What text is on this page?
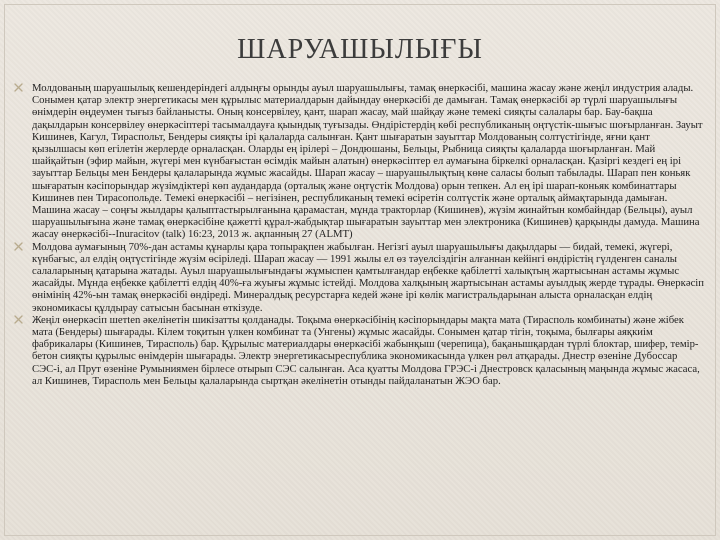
ШАРУАШЫЛЫҒЫ
Молдованың шаруашылық кешендеріндегі алдыңғы орынды ауыл шаруашылығы, тамақ өнеркәсібі, машина жасау және жеңіл индустрия алады. Сонымен қатар электр энергетикасы мен құрылыс материалдарын дайындау өнеркәсібі де дамыған. Тамақ өнеркәсібі әр түрлі шаруашылығы өнімдерін өңдеумен тығыз байланысты. Оның консервілеу, қант, шарап жасау, май шайқау және темекі сияқты салалары бар. Бау-бақша дақылдарын консервілеу өнеркәсіптері тасымалдауға қыындық туғызады. Өндірістердің көбі республиканың оңтүстік-шығыс шоғырланған. Зауыт Кишинев, Кагул, Тираспольт, Бендеры сияқты ірі қалаларда салынған. Қант шығаратын зауыттар Молдованың солтүстігінде, яғни қант қызылшасы көп егілетін жерлерде орналасқан. Оларды ең ірілері – Дондюшаны, Бельцы, Рыбница сияқты қалаларда шоғырланған. Май шайқайтын (эфир майын, жүгері мен күнбағыстан өсімдік майын алатын) өнеркәсіптер ел аумағына біркелкі орналасқан. Қазіргі кездегі ең ірі зауыттар Бельцы мен Бендеры қалаларында жұмыс жасайды. Шарап жасау – шаруашылықтың көне саласы болып табылады. Шарап пен коньяк шығаратын кәсіпорындар жүзімдіктері көп аудандарда (орталық және оңтүстік Молдова) орын тепкен. Ал ең ірі шарап-коньяк комбинаттары Кишинев пен Тирасопольде. Темекі өнеркәсібі – негізінен, республиканың темекі өсіретін солтүстік және орталық аймақтарында дамыған. Машина жасау – соңғы жылдары қалыптастырылғанына қарамастан, мұнда тракторлар (Кишинев), жүзім жинайтын комбайндар (Бельцы), ауыл шаруашылығына және тамақ өнеркәсібіне қажетті құрал-жабдықтар шығаратын зауыттар мен электроника (Кишинев) қарқынды дамуда. Машина жасау өнеркәсібі--Inuracitov (talk) 16:23, 2013 ж. ақпанның 27 (ALMT)
Молдова аумағының 70%-дан астамы құнарлы қара топырақпен жабылған. Негізгі ауыл шаруашылығы дақылдары — бидай, темекі, жүгері, күнбағыс, ал елдің оңтүстігінде жүзім өсіріледі. Шарап жасау — 1991 жылы ел өз тәуелсіздігін алғаннан кейінгі өндірістің гүлденген саналы салаларының қатарына жатады. Ауыл шаруашылығындағы жұмыспен қамтылғандар еңбекке қабілетті халықтың жартысынан астамы жұмыс жасайды. Мұнда еңбекке қабілетті елдің 40%-ға жуығы жұмыс істейді. Молдова халқының жартысынан астамы ауылдық жерде тұрады. Өнеркәсіп өнімінің 42%-ын тамақ өнеркәсібі өндіреді. Минералдық ресурстарға кедей және ірі көлік магистральдарынан алыста орналасқан елдің экономикасы құлдырау сатысын басынан өткізуде.
Жеңіл өнеркәсіп шетten әкелінетін шикізатты қолданады. Тоқыма өнеркәсібінің кәсіпорындары мақта мата (Тирасполь комбинаты) және жібек мата (Бендеры) шығарады. Кілем тоқитын үлкен комбинат та (Унгены) жұмыс жасайды. Сонымен қатар тігін, тоқыма, былғары аяқкиім фабрикалары (Кишинев, Тирасполь) бар. Құрылыс материалдары өнеркәсібі жабынқыш (черепица), бақанышқардан түрлі блоктар, шифер, темір-бетон сияқты құрылыс өнімдерін шығарады. Электр энергетикасыреспублика экономикасында үлкен рөл атқарады. Днестр өзеніне Дубоссар СЭС-і, ал Прут өзеніне Румыниямен бірлесе отырып СЭС салынған. Аса қуатты Молдова ГРЭС-і Днестровск қаласының маңында жұмыс жасаса, ал Кишинев, Тирасполь мен Бельцы қалаларында сыртқан әкелінетін отынды пайдаланатын ЖЭО бар.
